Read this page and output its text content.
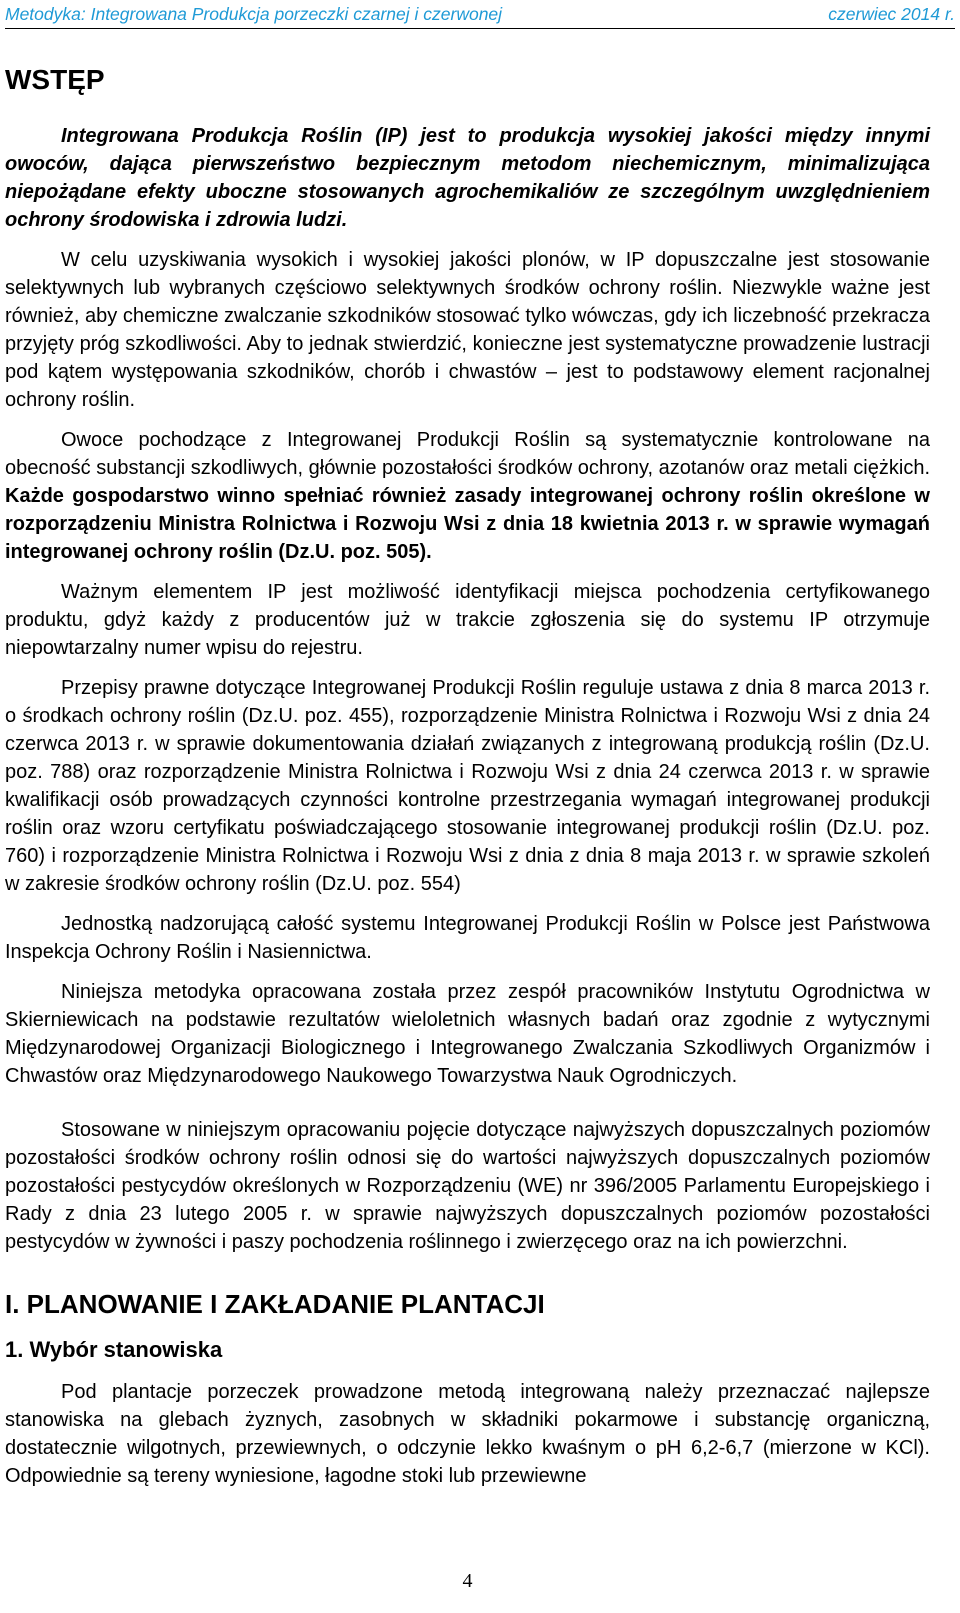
Metodyka: Integrowana Produkcja porzeczki czarnej i czerwonej	czerwiec 2014 r.
WSTĘP

Integrowana Produkcja Roślin (IP) jest to produkcja wysokiej jakości między innymi owoców, dająca pierwszeństwo bezpiecznym metodom niechemicznym, minimalizująca niepożądane efekty uboczne stosowanych agrochemikaliów ze szczególnym uwzględnieniem ochrony środowiska i zdrowia ludzi.

W celu uzyskiwania wysokich i wysokiej jakości plonów, w IP dopuszczalne jest stosowanie selektywnych lub wybranych częściowo selektywnych środków ochrony roślin. Niezwykle ważne jest również, aby chemiczne zwalczanie szkodników stosować tylko wówczas, gdy ich liczebność przekracza przyjęty próg szkodliwości. Aby to jednak stwierdzić, konieczne jest systematyczne prowadzenie lustracji pod kątem występowania szkodników, chorób i chwastów – jest to podstawowy element racjonalnej ochrony roślin.

Owoce pochodzące z Integrowanej Produkcji Roślin są systematycznie kontrolowane na obecność substancji szkodliwych, głównie pozostałości środków ochrony, azotanów oraz metali ciężkich. Każde gospodarstwo winno spełniać również zasady integrowanej ochrony roślin określone w rozporządzeniu Ministra Rolnictwa i Rozwoju Wsi z dnia 18 kwietnia 2013 r. w sprawie wymagań integrowanej ochrony roślin (Dz.U. poz. 505).

Ważnym elementem IP jest możliwość identyfikacji miejsca pochodzenia certyfikowanego produktu, gdyż każdy z producentów już w trakcie zgłoszenia się do systemu IP otrzymuje niepowtarzalny numer wpisu do rejestru.

Przepisy prawne dotyczące Integrowanej Produkcji Roślin reguluje ustawa z dnia 8 marca 2013 r. o środkach ochrony roślin (Dz.U. poz. 455), rozporządzenie Ministra Rolnictwa i Rozwoju Wsi z dnia 24 czerwca 2013 r. w sprawie dokumentowania działań związanych z integrowaną produkcją roślin (Dz.U. poz. 788) oraz rozporządzenie Ministra Rolnictwa i Rozwoju Wsi z dnia 24 czerwca 2013 r. w sprawie kwalifikacji osób prowadzących czynności kontrolne przestrzegania wymagań integrowanej produkcji roślin oraz wzoru certyfikatu poświadczającego stosowanie integrowanej produkcji roślin (Dz.U. poz. 760) i rozporządzenie Ministra Rolnictwa i Rozwoju Wsi z dnia z dnia 8 maja 2013 r. w sprawie szkoleń w zakresie środków ochrony roślin (Dz.U. poz. 554)

Jednostką nadzorującą całość systemu Integrowanej Produkcji Roślin w Polsce jest Państwowa Inspekcja Ochrony Roślin i Nasiennictwa.

Niniejsza metodyka opracowana została przez zespół pracowników Instytutu Ogrodnictwa w Skierniewicach na podstawie rezultatów wieloletnich własnych badań oraz zgodnie z wytycznymi Międzynarodowej Organizacji Biologicznego i Integrowanego Zwalczania Szkodliwych Organizmów i Chwastów oraz Międzynarodowego Naukowego Towarzystwa Nauk Ogrodniczych.

Stosowane w niniejszym opracowaniu pojęcie dotyczące najwyższych dopuszczalnych poziomów pozostałości środków ochrony roślin odnosi się do wartości najwyższych dopuszczalnych poziomów pozostałości pestycydów określonych w Rozporządzeniu (WE) nr 396/2005 Parlamentu Europejskiego i Rady z dnia 23 lutego 2005 r. w sprawie najwyższych dopuszczalnych poziomów pozostałości pestycydów w żywności i paszy pochodzenia roślinnego i zwierzęcego oraz na ich powierzchni.

I. PLANOWANIE I ZAKŁADANIE PLANTACJI
1. Wybór stanowiska

Pod plantacje porzeczek prowadzone metodą integrowaną należy przeznaczać najlepsze stanowiska na glebach żyznych, zasobnych w składniki pokarmowe i substancję organiczną, dostatecznie wilgotnych, przewiewnych, o odczynie lekko kwaśnym o pH 6,2-6,7 (mierzone w KCl). Odpowiednie są tereny wyniesione, łagodne stoki lub przewiewne

4
